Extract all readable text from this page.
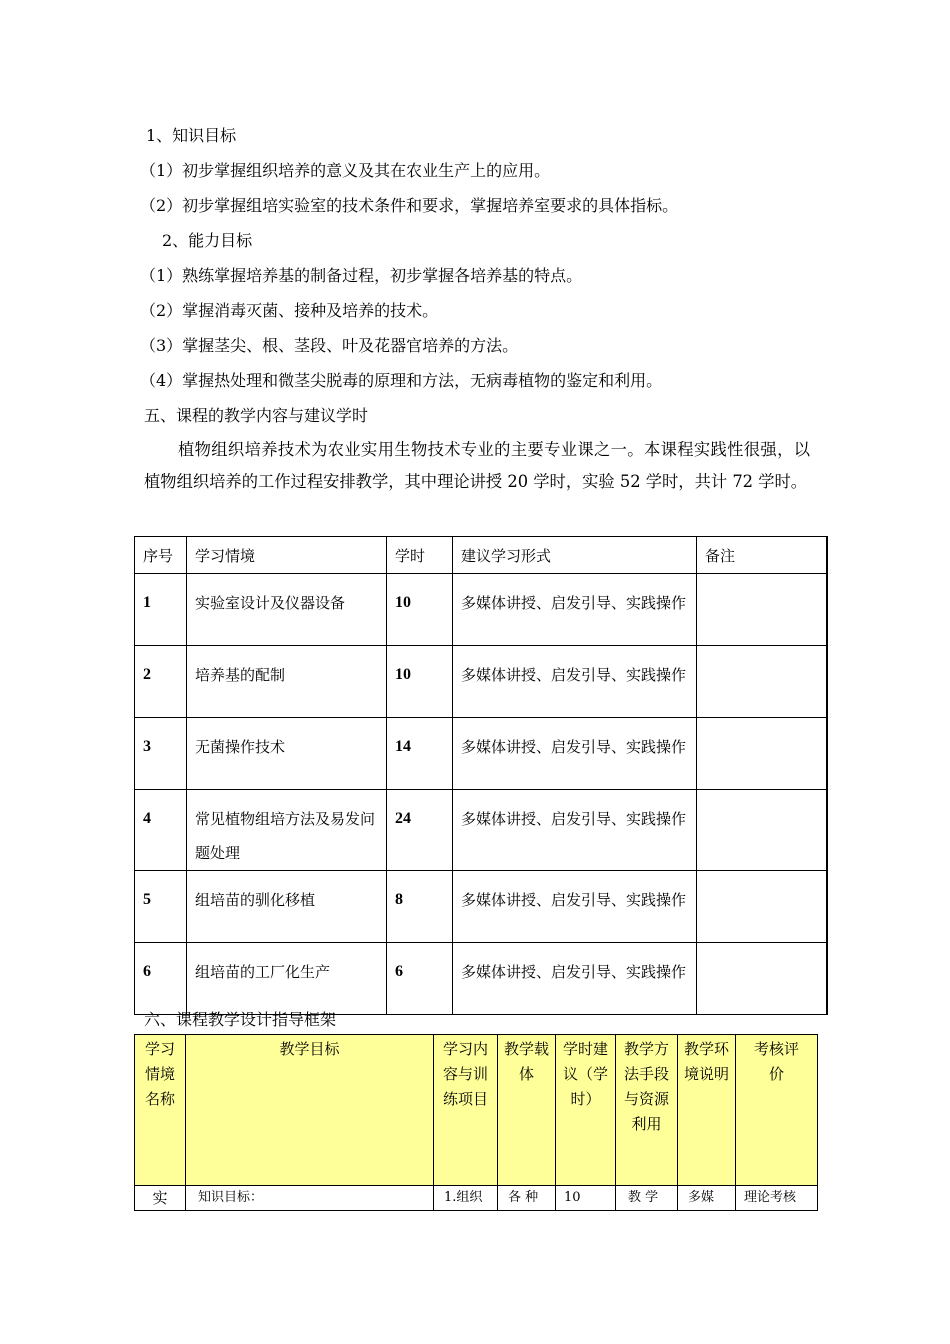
1、知识目标
（1）初步掌握组织培养的意义及其在农业生产上的应用。
（2）初步掌握组培实验室的技术条件和要求，掌握培养室要求的具体指标。
2、能力目标
（1）熟练掌握培养基的制备过程，初步掌握各培养基的特点。
（2）掌握消毒灭菌、接种及培养的技术。
（3）掌握茎尖、根、茎段、叶及花器官培养的方法。
（4）掌握热处理和微茎尖脱毒的原理和方法，无病毒植物的鉴定和利用。
五、课程的教学内容与建议学时
植物组织培养技术为农业实用生物技术专业的主要专业课之一。本课程实践性很强，以植物组织培养的工作过程安排教学，其中理论讲授 20 学时，实验 52 学时，共计 72 学时。
序号	学习情境	学时	建议学习形式	备注
1	实验室设计及仪器设备	10	多媒体讲授、启发引导、实践操作	
2	培养基的配制	10	多媒体讲授、启发引导、实践操作	
3	无菌操作技术	14	多媒体讲授、启发引导、实践操作	
4	常见植物组培方法及易发问题处理	24	多媒体讲授、启发引导、实践操作	
5	组培苗的驯化移植	8	多媒体讲授、启发引导、实践操作	
6	组培苗的工厂化生产	6	多媒体讲授、启发引导、实践操作	
六、课程教学设计指导框架
学习情境名称	教学目标	学习内容与训练项目	教学载体	学时建议（学时）	教学方法手段与资源利用	教学环境说明	考核评价
实	知识目标：	1.组织	各 种	10	教 学	多媒	理论考核
